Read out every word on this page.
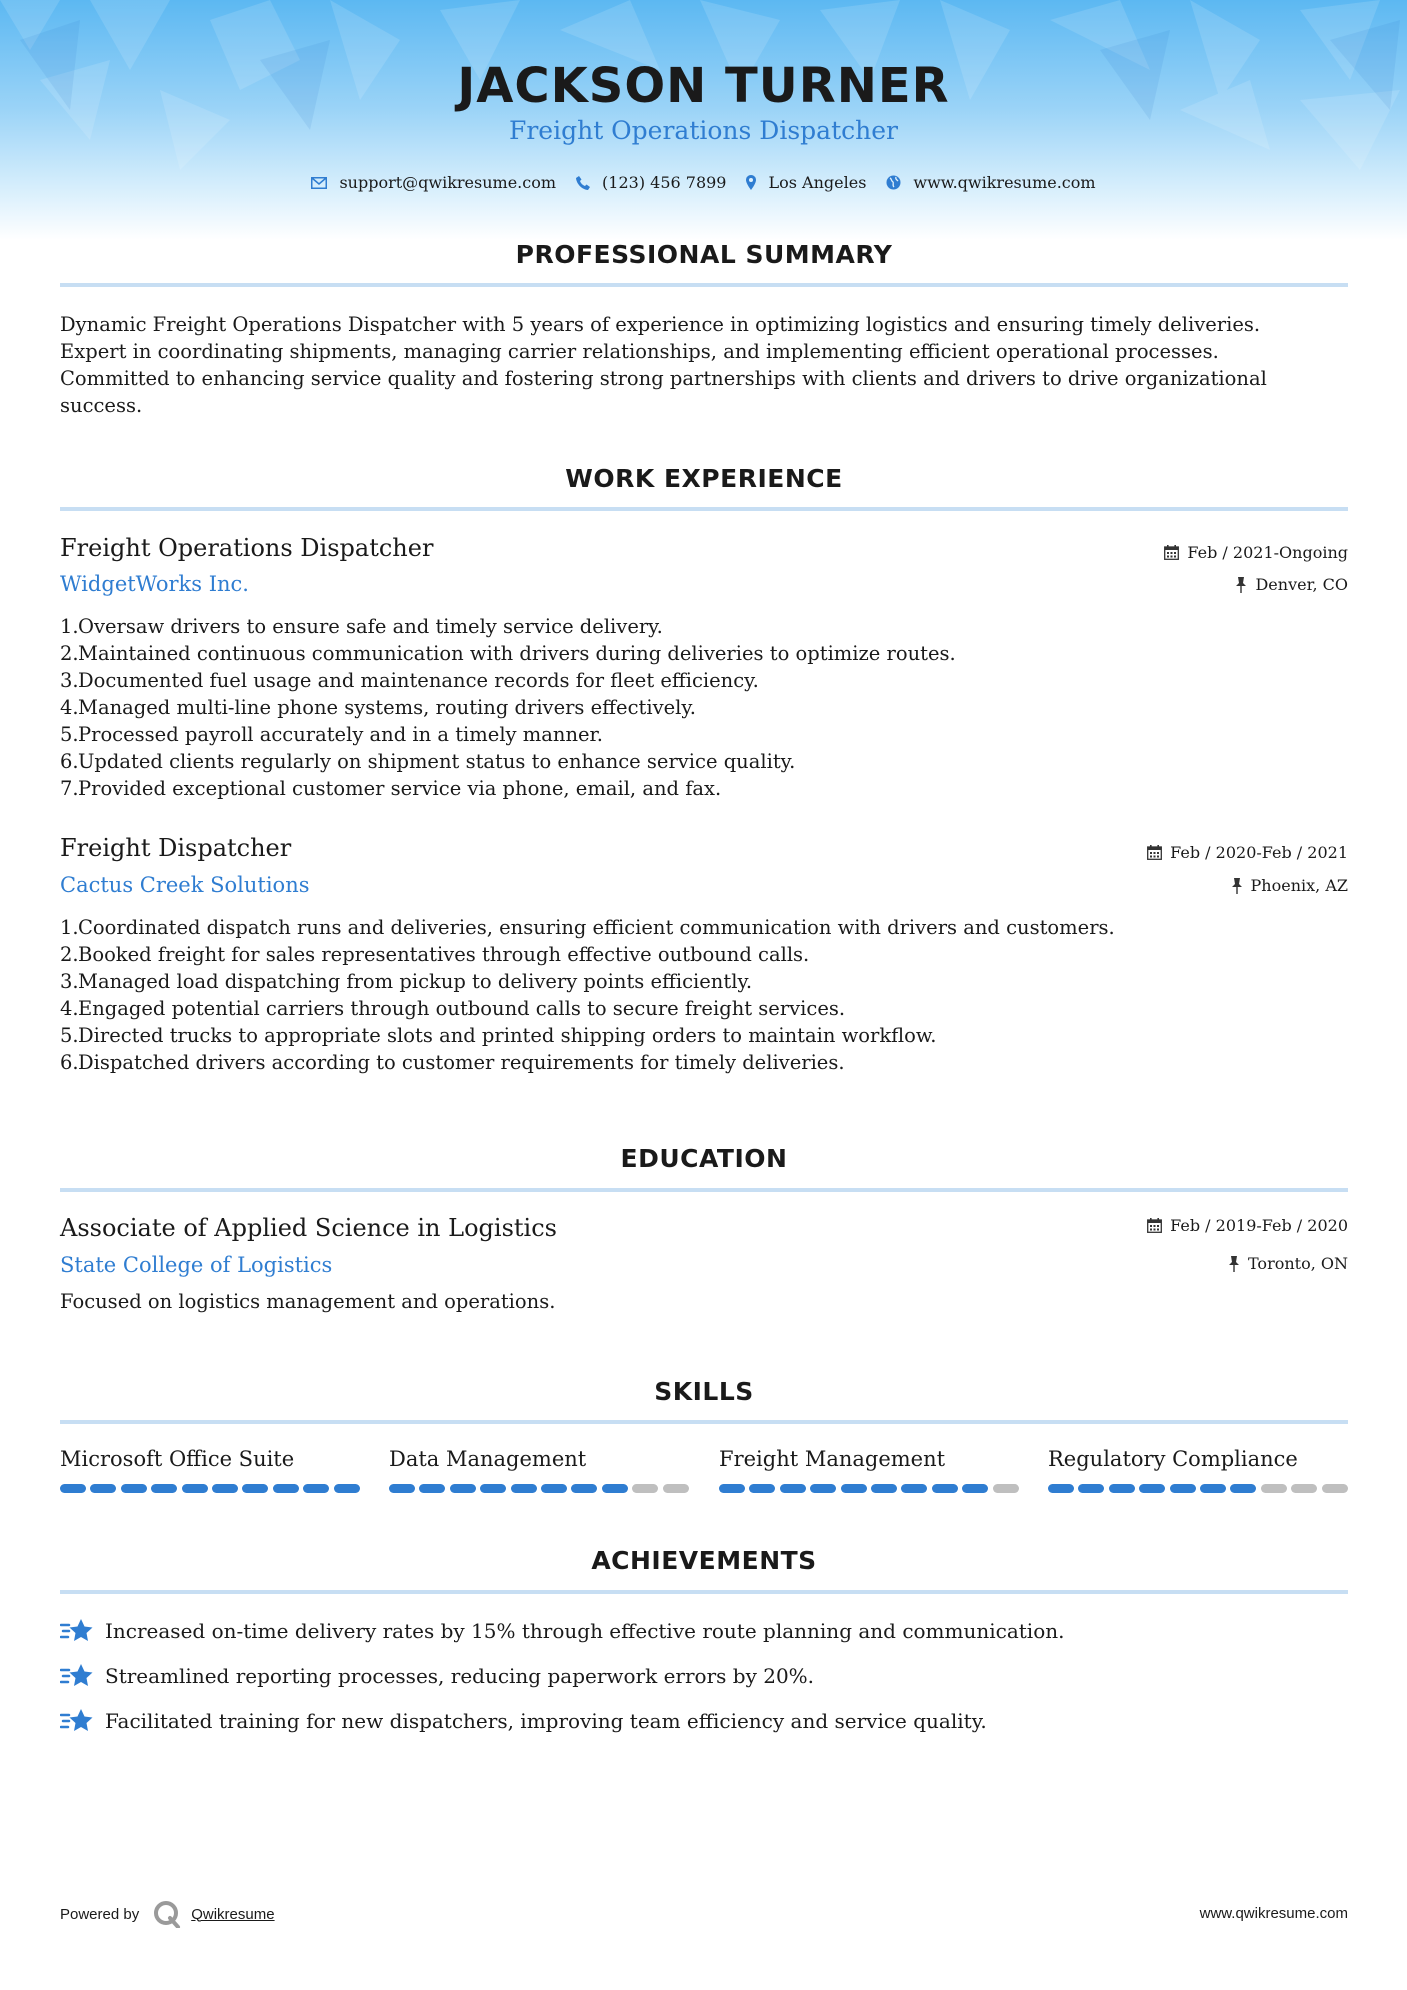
JACKSON TURNER
Freight Operations Dispatcher
support@qwikresume.com	(123) 456 7899	Los Angeles	www.qwikresume.com
PROFESSIONAL SUMMARY
Dynamic Freight Operations Dispatcher with 5 years of experience in optimizing logistics and ensuring timely deliveries.
Expert in coordinating shipments, managing carrier relationships, and implementing efficient operational processes.
Committed to enhancing service quality and fostering strong partnerships with clients and drivers to drive organizational
success.
WORK EXPERIENCE
Freight Operations Dispatcher
WidgetWorks Inc.
Feb / 2021-Ongoing
Denver, CO
1.Oversaw drivers to ensure safe and timely service delivery.
2.Maintained continuous communication with drivers during deliveries to optimize routes.
3.Documented fuel usage and maintenance records for fleet efficiency.
4.Managed multi-line phone systems, routing drivers effectively.
5.Processed payroll accurately and in a timely manner.
6.Updated clients regularly on shipment status to enhance service quality.
7.Provided exceptional customer service via phone, email, and fax.
Freight Dispatcher
Cactus Creek Solutions
Feb / 2020-Feb / 2021
Phoenix, AZ
1.Coordinated dispatch runs and deliveries, ensuring efficient communication with drivers and customers.
2.Booked freight for sales representatives through effective outbound calls.
3.Managed load dispatching from pickup to delivery points efficiently.
4.Engaged potential carriers through outbound calls to secure freight services.
5.Directed trucks to appropriate slots and printed shipping orders to maintain workflow.
6.Dispatched drivers according to customer requirements for timely deliveries.
EDUCATION
Associate of Applied Science in Logistics
State College of Logistics
Feb / 2019-Feb / 2020
Toronto, ON
Focused on logistics management and operations.
SKILLS
Microsoft Office Suite	Data Management	Freight Management	Regulatory Compliance
ACHIEVEMENTS
Increased on-time delivery rates by 15% through effective route planning and communication.
Streamlined reporting processes, reducing paperwork errors by 20%.
Facilitated training for new dispatchers, improving team efficiency and service quality.
Powered by	Qwikresume	www.qwikresume.com
